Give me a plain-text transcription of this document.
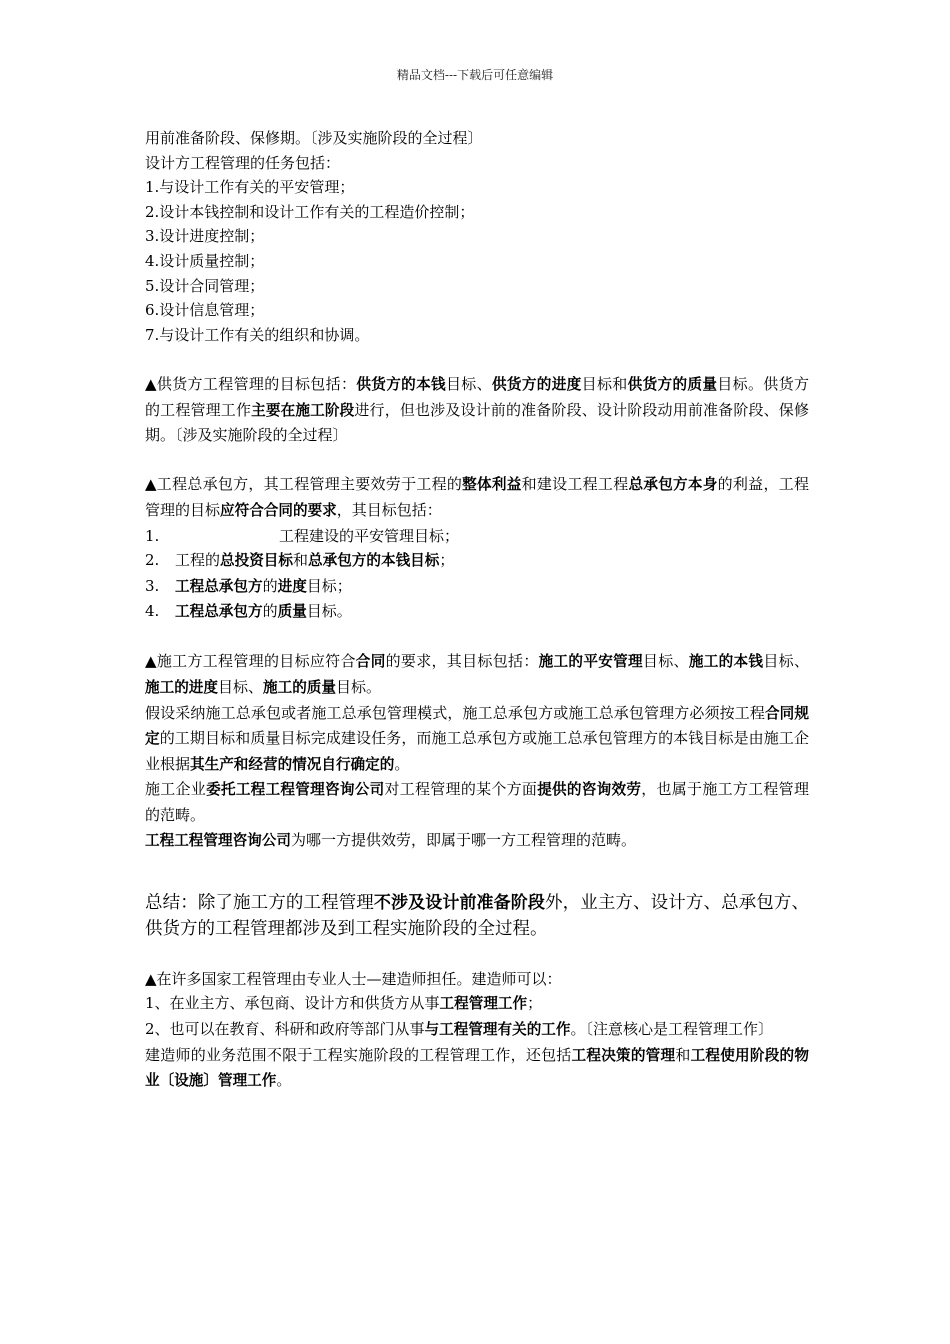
精品文档---下载后可任意编辑

用前准备阶段、保修期。〔涉及实施阶段的全过程〕

设计方工程管理的任务包括：

1.与设计工作有关的平安管理；

2.设计本钱控制和设计工作有关的工程造价控制；

3.设计进度控制；

4.设计质量控制；

5.设计合同管理；

6.设计信息管理；

7.与设计工作有关的组织和协调。

▲供货方工程管理的目标包括：供货方的本钱目标、供货方的进度目标和供货方的质量目标。供货方的工程管理工作主要在施工阶段进行，但也涉及设计前的准备阶段、设计阶段动用前准备阶段、保修期。〔涉及实施阶段的全过程〕

▲工程总承包方，其工程管理主要效劳于工程的整体利益和建设工程工程总承包方本身的利益，工程管理的目标应符合合同的要求，其目标包括：

1.	工程建设的平安管理目标；

2. 工程的总投资目标和总承包方的本钱目标；

3. 工程总承包方的进度目标；

4. 工程总承包方的质量目标。

▲施工方工程管理的目标应符合合同的要求，其目标包括：施工的平安管理目标、施工的本钱目标、施工的进度目标、施工的质量目标。

假设采纳施工总承包或者施工总承包管理模式，施工总承包方或施工总承包管理方必须按工程合同规定的工期目标和质量目标完成建设任务，而施工总承包方或施工总承包管理方的本钱目标是由施工企业根据其生产和经营的情况自行确定的。

施工企业委托工程工程管理咨询公司对工程管理的某个方面提供的咨询效劳，也属于施工方工程管理的范畴。

工程工程管理咨询公司为哪一方提供效劳，即属于哪一方工程管理的范畴。

总结：除了施工方的工程管理不涉及设计前准备阶段外，业主方、设计方、总承包方、供货方的工程管理都涉及到工程实施阶段的全过程。

▲在许多国家工程管理由专业人士—建造师担任。建造师可以：

1、在业主方、承包商、设计方和供货方从事工程管理工作；

2、也可以在教育、科研和政府等部门从事与工程管理有关的工作。〔注意核心是工程管理工作〕

建造师的业务范围不限于工程实施阶段的工程管理工作，还包括工程决策的管理和工程使用阶段的物业〔设施〕管理工作。
